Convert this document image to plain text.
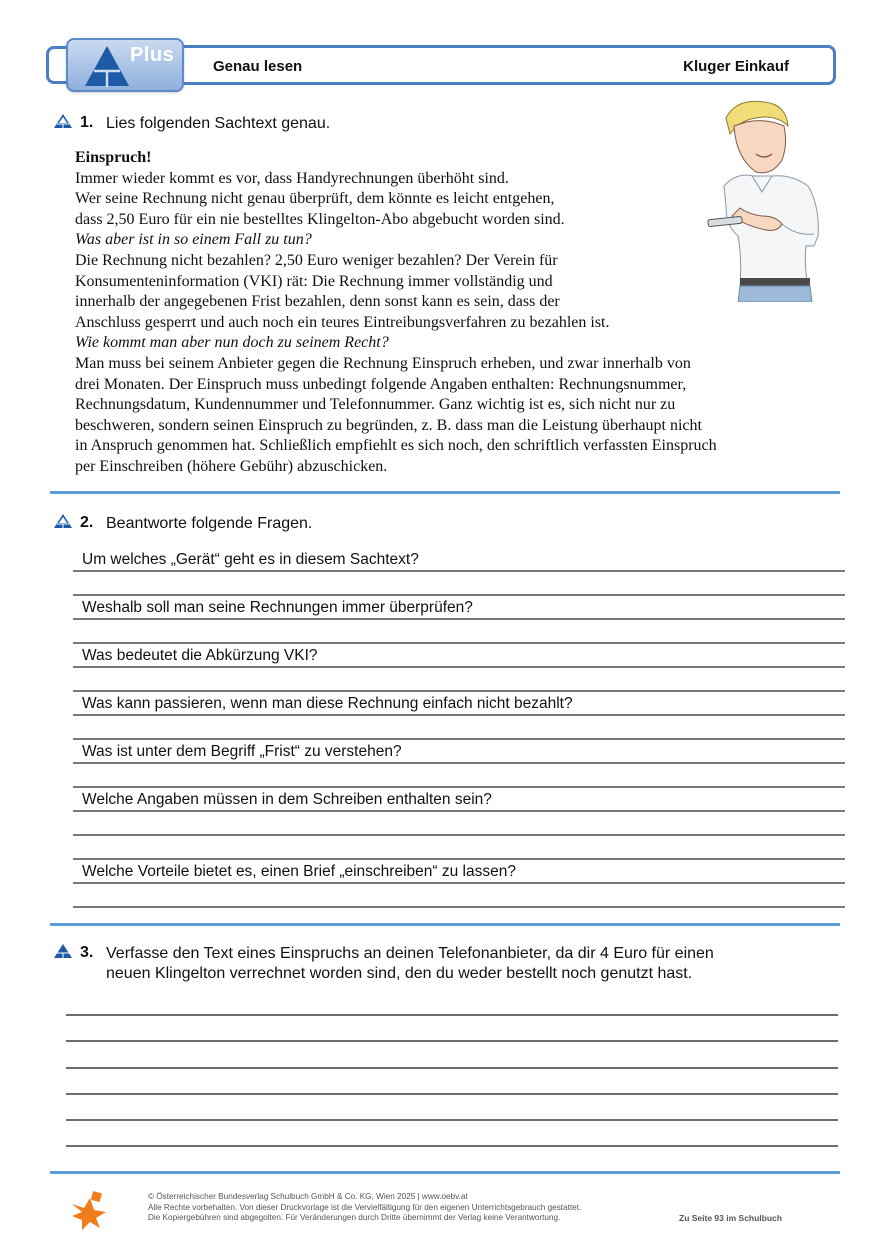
Plus
Genau lesen	Kluger Einkauf
1. Lies folgenden Sachtext genau.
Einspruch!
Immer wieder kommt es vor, dass Handyrechnungen überhöht sind.
Wer seine Rechnung nicht genau überprüft, dem könnte es leicht entgehen,
dass 2,50 Euro für ein nie bestelltes Klingelton-Abo abgebucht worden sind.
Was aber ist in so einem Fall zu tun?
Die Rechnung nicht bezahlen? 2,50 Euro weniger bezahlen? Der Verein für
Konsumenteninformation (VKI) rät: Die Rechnung immer vollständig und
innerhalb der angegebenen Frist bezahlen, denn sonst kann es sein, dass der
Anschluss gesperrt und auch noch ein teures Eintreibungsverfahren zu bezahlen ist.
Wie kommt man aber nun doch zu seinem Recht?
Man muss bei seinem Anbieter gegen die Rechnung Einspruch erheben, und zwar innerhalb von
drei Monaten. Der Einspruch muss unbedingt folgende Angaben enthalten: Rechnungsnummer,
Rechnungsdatum, Kundennummer und Telefonnummer. Ganz wichtig ist es, sich nicht nur zu
beschweren, sondern seinen Einspruch zu begründen, z. B. dass man die Leistung überhaupt nicht
in Anspruch genommen hat. Schließlich empfiehlt es sich noch, den schriftlich verfassten Einspruch
per Einschreiben (höhere Gebühr) abzuschicken.
2. Beantworte folgende Fragen.
Um welches „Gerät“ geht es in diesem Sachtext?
Weshalb soll man seine Rechnungen immer überprüfen?
Was bedeutet die Abkürzung VKI?
Was kann passieren, wenn man diese Rechnung einfach nicht bezahlt?
Was ist unter dem Begriff „Frist“ zu verstehen?
Welche Angaben müssen in dem Schreiben enthalten sein?
Welche Vorteile bietet es, einen Brief „einschreiben“ zu lassen?
3. Verfasse den Text eines Einspruchs an deinen Telefonanbieter, da dir 4 Euro für einen
neuen Klingelton verrechnet worden sind, den du weder bestellt noch genutzt hast.
© Österreichischer Bundesverlag Schulbuch GmbH & Co. KG, Wien 2025 | www.oebv.at
Alle Rechte vorbehalten. Von dieser Druckvorlage ist die Vervielfältigung für den eigenen Unterrichtsgebrauch gestattet.
Die Kopiergebühren sind abgegolten. Für Veränderungen durch Dritte übernimmt der Verlag keine Verantwortung.	Zu Seite 93 im Schulbuch
